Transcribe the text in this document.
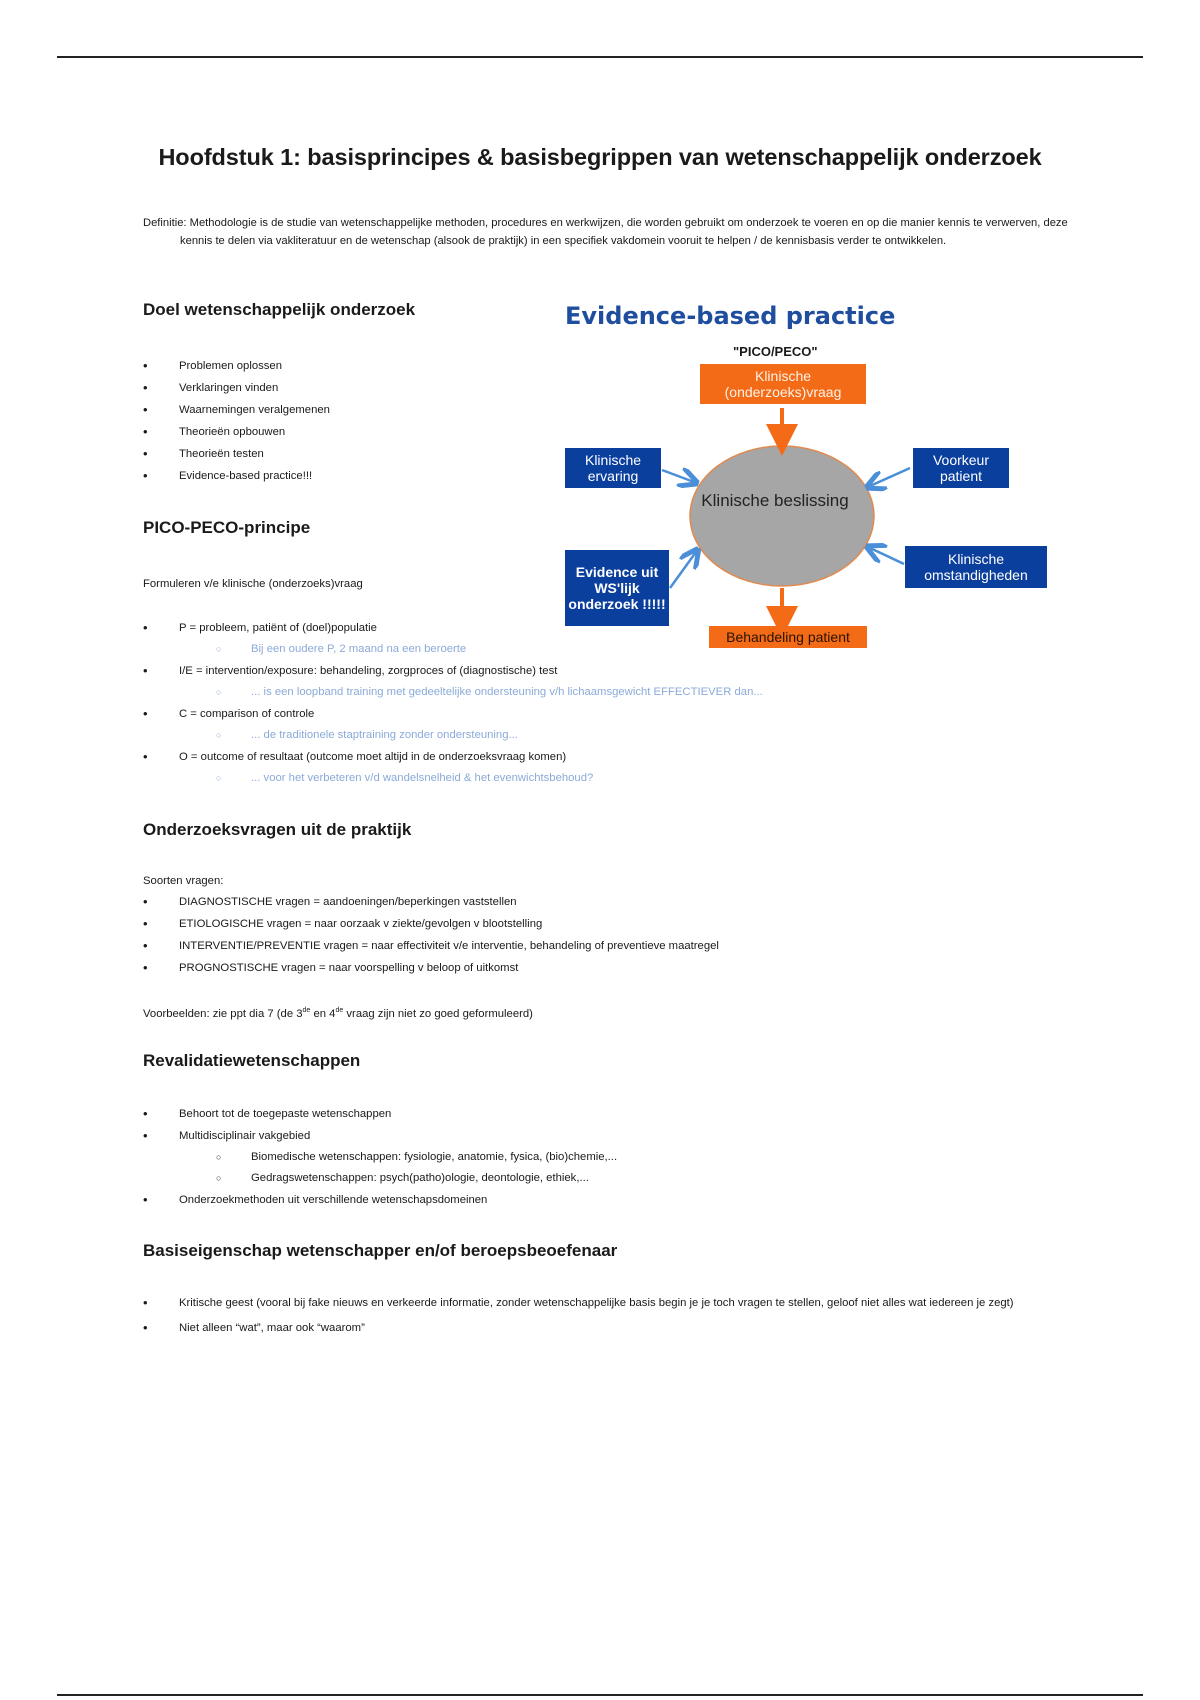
Hoofdstuk 1: basisprincipes & basisbegrippen van wetenschappelijk onderzoek

Definitie: Methodologie is de studie van wetenschappelijke methoden, procedures en werkwijzen, die worden gebruikt om onderzoek te voeren en op die manier kennis te verwerven, deze kennis te delen via vakliteratuur en de wetenschap (alsook de praktijk) in een specifiek vakdomein vooruit te helpen / de kennisbasis verder te ontwikkelen.

Doel wetenschappelijk onderzoek
• Problemen oplossen
• Verklaringen vinden
• Waarnemingen veralgemenen
• Theorieën opbouwen
• Theorieën testen
• Evidence-based practice!!!
PICO-PECO-principe

Formuleren v/e klinische (onderzoeks)vraag

• P = probleem, patiënt of (doel)populatie
○	Bij een oudere P, 2 maand na een beroerte
• I/E = intervention/exposure: behandeling, zorgproces of (diagnostische) test
○	... is een loopband training met gedeeltelijke ondersteuning v/h lichaamsgewicht EFFECTIEVER dan...
• C = comparison of controle
○	... de traditionele staptraining zonder ondersteuning...
• O = outcome of resultaat (outcome moet altijd in de onderzoeksvraag komen)
○	... voor het verbeteren v/d wandelsnelheid & het evenwichtsbehoud?
Evidence-based practice
"PICO/PECO"
Klinische (onderzoeks)vraag
Klinische ervaring
Evidence uit WS'lijk onderzoek !!!!!
Voorkeur patient
Klinische omstandigheden
Behandeling patient
Klinische beslissing
Onderzoeksvragen uit de praktijk

Soorten vragen:

• DIAGNOSTISCHE vragen = aandoeningen/beperkingen vaststellen
• ETIOLOGISCHE vragen = naar oorzaak v ziekte/gevolgen v blootstelling
• INTERVENTIE/PREVENTIE vragen = naar effectiviteit v/e interventie, behandeling of preventieve maatregel
• PROGNOSTISCHE vragen = naar voorspelling v beloop of uitkomst

Voorbeelden: zie ppt dia 7 (de 3de en 4de vraag zijn niet zo goed geformuleerd)

Revalidatiewetenschappen
• Behoort tot de toegepaste wetenschappen
• Multidisciplinair vakgebied
○	Biomedische wetenschappen: fysiologie, anatomie, fysica, (bio)chemie,...
○	Gedragswetenschappen: psych(patho)ologie, deontologie, ethiek,...
• Onderzoekmethoden uit verschillende wetenschapsdomeinen
Basiseigenschap wetenschapper en/of beroepsbeoefenaar
• Kritische geest (vooral bij fake nieuws en verkeerde informatie, zonder wetenschappelijke basis begin je je toch vragen te stellen, geloof niet alles wat iedereen je zegt)
• Niet alleen “wat”, maar ook “waarom”
